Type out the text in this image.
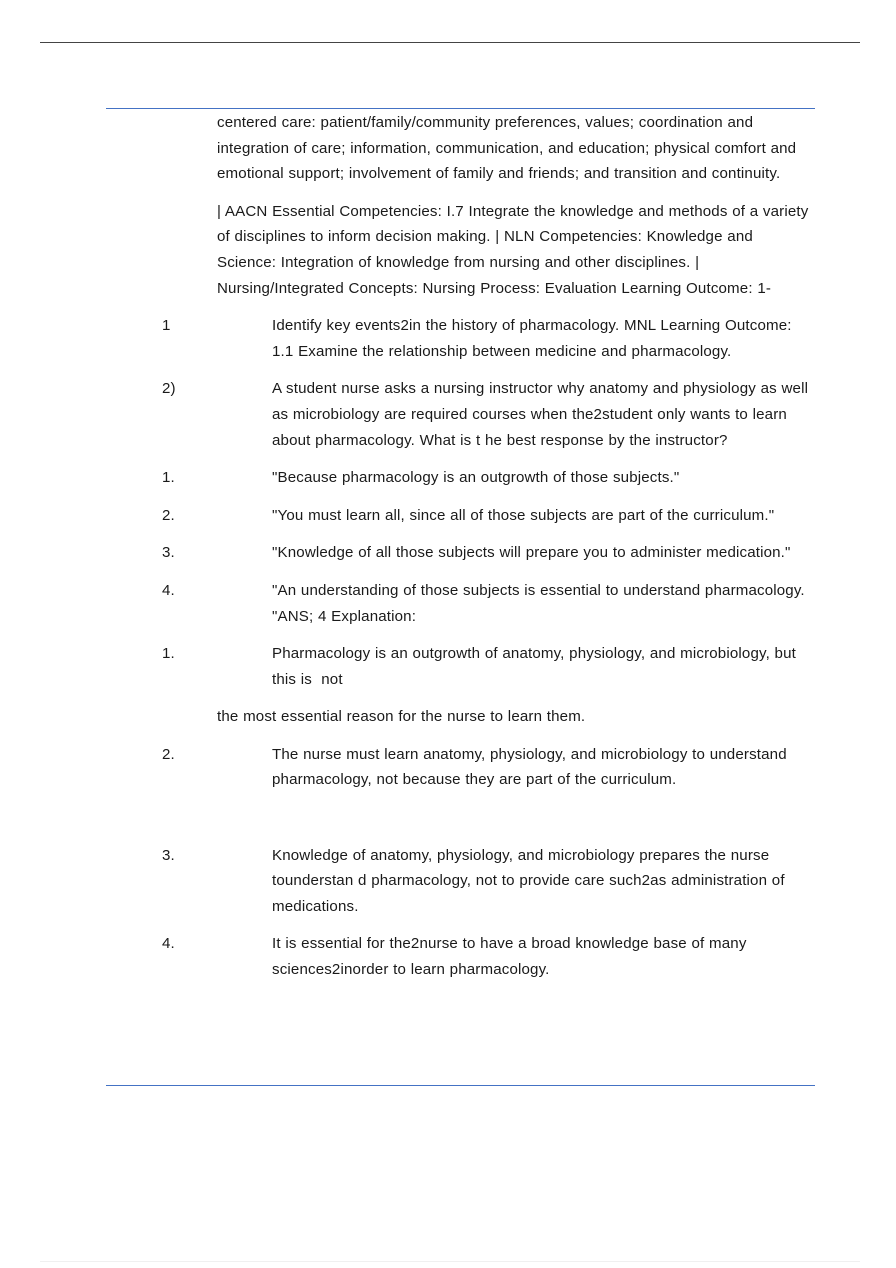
centered care: patient/family/community preferences, values; coordination and integration of care; information, communication, and education; physical comfort and emotional support; involvement of family and friends; and transition and continuity.

| AACN Essential Competencies: I.7 Integrate the knowledge and methods of a variety of disciplines to inform decision making. | NLN Competencies: Knowledge and Science: Integration of knowledge from nursing and other disciplines. | Nursing/Integrated Concepts: Nursing Process: Evaluation Learning Outcome: 1-

1	Identify key events2in the history of pharmacology. MNL Learning Outcome:  1.1 Examine the relationship between medicine and pharmacology.

2)	A student nurse asks a nursing instructor why anatomy and physiology as well as microbiology are required courses when the2student only wants to learn about pharmacology. What is t he best response by the instructor?

1.	"Because pharmacology is an outgrowth of those subjects."

2.	"You must learn all, since all of those subjects are part of the curriculum."

3.	"Knowledge of all those subjects will prepare you to administer medication."

4.	"An understanding of those subjects is essential to understand pharmacology. "ANS; 4 Explanation:

1.	Pharmacology is an outgrowth of anatomy, physiology, and microbiology, but this is  not

the most essential reason for the nurse to learn them.

2.	The nurse must learn anatomy, physiology, and microbiology to understand pharmacology, not because they are part of the curriculum.

3.	Knowledge of anatomy, physiology, and microbiology prepares the nurse tounderstan d pharmacology, not to provide care such2as administration of medications.

4.	It is essential for the2nurse to have a broad knowledge base of many sciences2inorder to learn pharmacology.
